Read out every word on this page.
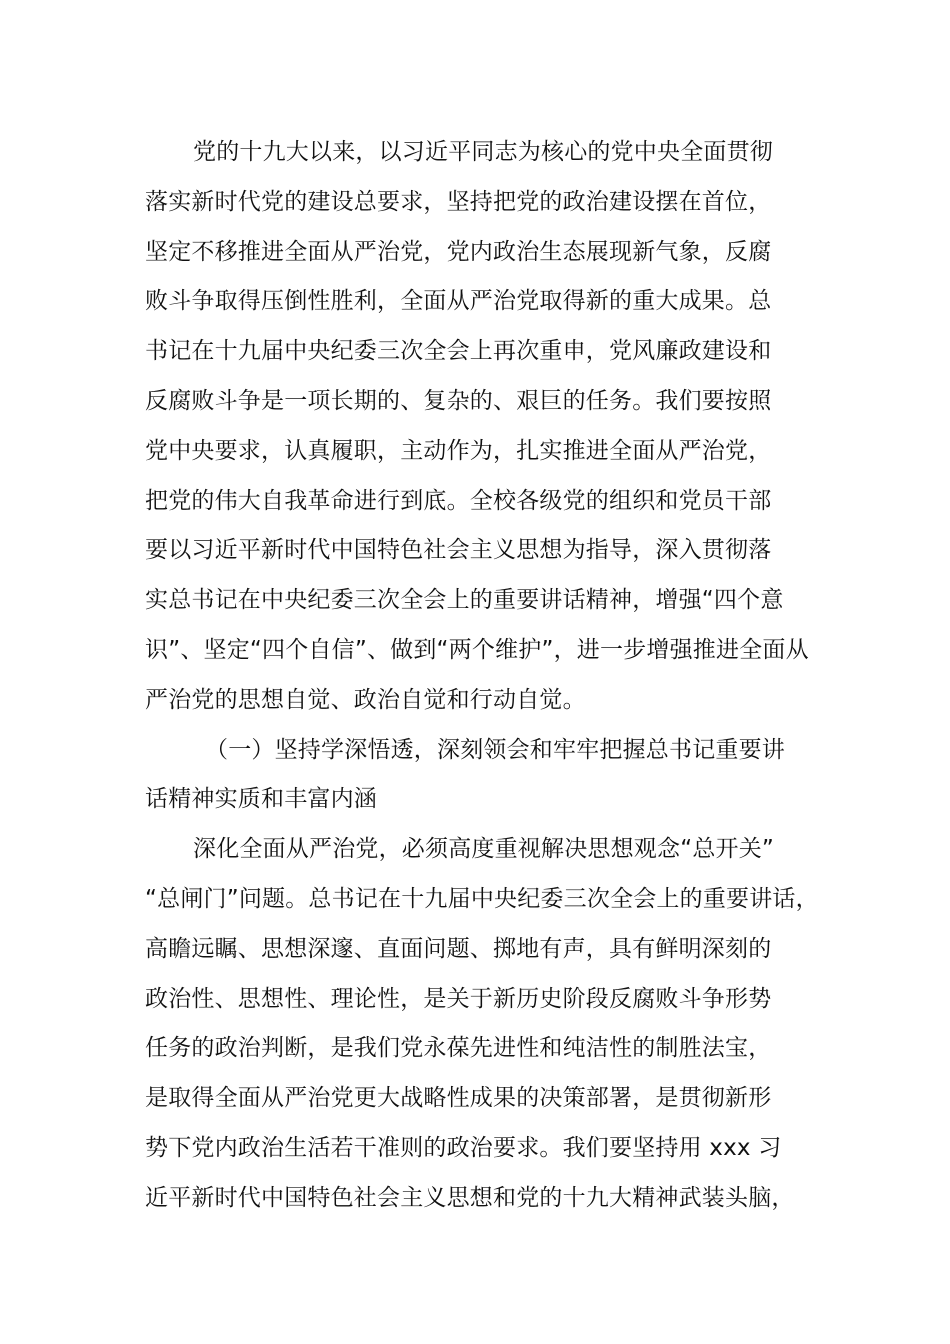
党的十九大以来，以习近平同志为核心的党中央全面贯彻
落实新时代党的建设总要求，坚持把党的政治建设摆在首位，
坚定不移推进全面从严治党，党内政治生态展现新气象，反腐
败斗争取得压倒性胜利，全面从严治党取得新的重大成果。总
书记在十九届中央纪委三次全会上再次重申，党风廉政建设和
反腐败斗争是一项长期的、复杂的、艰巨的任务。我们要按照
党中央要求，认真履职，主动作为，扎实推进全面从严治党，
把党的伟大自我革命进行到底。全校各级党的组织和党员干部
要以习近平新时代中国特色社会主义思想为指导，深入贯彻落
实总书记在中央纪委三次全会上的重要讲话精神，增强“四个意
识”、坚定“四个自信”、做到“两个维护”，进一步增强推进全面从
严治党的思想自觉、政治自觉和行动自觉。
（一）坚持学深悟透，深刻领会和牢牢把握总书记重要讲
话精神实质和丰富内涵
深化全面从严治党，必须高度重视解决思想观念“总开关”
“总闸门”问题。总书记在十九届中央纪委三次全会上的重要讲话，
高瞻远瞩、思想深邃、直面问题、掷地有声，具有鲜明深刻的
政治性、思想性、理论性，是关于新历史阶段反腐败斗争形势
任务的政治判断，是我们党永葆先进性和纯洁性的制胜法宝，
是取得全面从严治党更大战略性成果的决策部署，是贯彻新形
势下党内政治生活若干准则的政治要求。我们要坚持用 xxx 习
近平新时代中国特色社会主义思想和党的十九大精神武装头脑，
